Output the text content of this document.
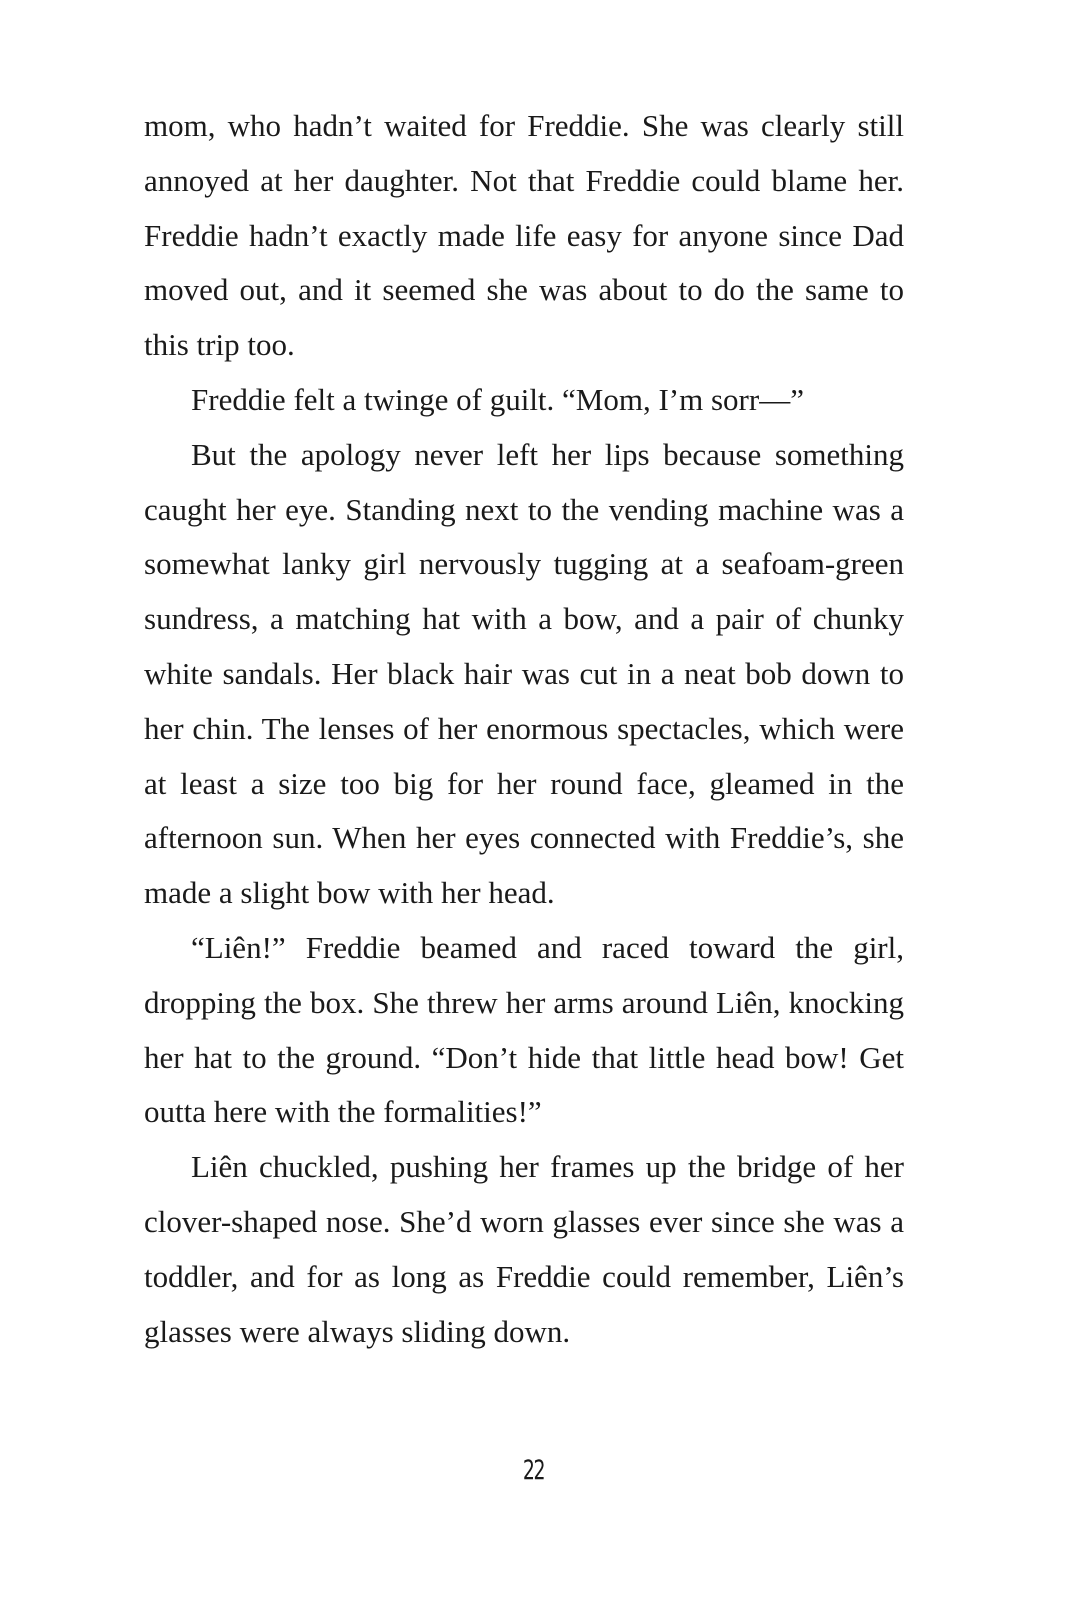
mom, who hadn’t waited for Freddie. She was clearly still annoyed at her daughter. Not that Freddie could blame her. Freddie hadn’t exactly made life easy for anyone since Dad moved out, and it seemed she was about to do the same to this trip too.

Freddie felt a twinge of guilt. “Mom, I’m sorr—”

But the apology never left her lips because something caught her eye. Standing next to the vending machine was a somewhat lanky girl nervously tugging at a seafoam-green sundress, a matching hat with a bow, and a pair of chunky white sandals. Her black hair was cut in a neat bob down to her chin. The lenses of her enormous spectacles, which were at least a size too big for her round face, gleamed in the afternoon sun. When her eyes connected with Freddie’s, she made a slight bow with her head.

“Liên!” Freddie beamed and raced toward the girl, dropping the box. She threw her arms around Liên, knocking her hat to the ground. “Don’t hide that little head bow! Get outta here with the formalities!”

Liên chuckled, pushing her frames up the bridge of her clover-shaped nose. She’d worn glasses ever since she was a toddler, and for as long as Freddie could remember, Liên’s glasses were always sliding down.

22
